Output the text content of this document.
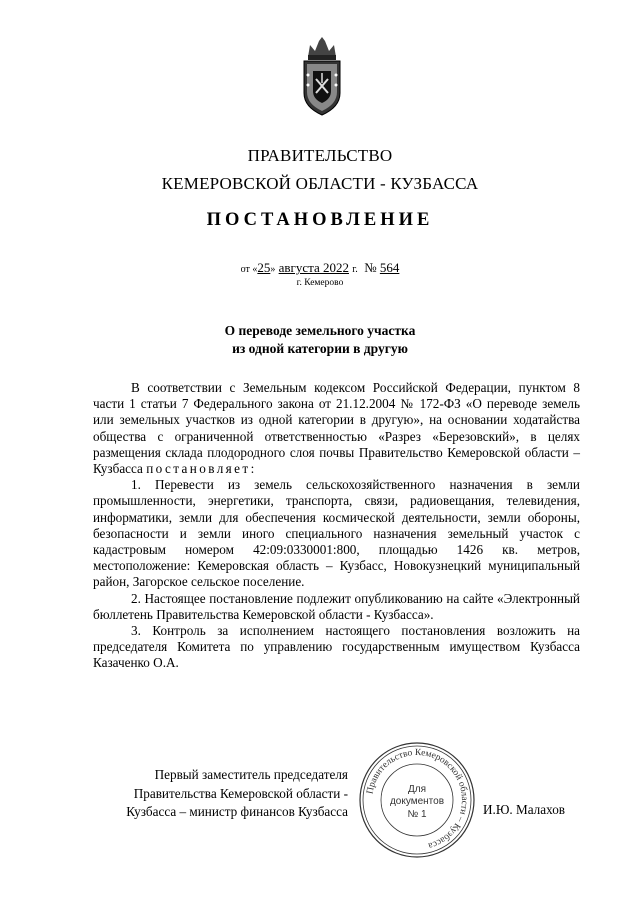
ПРАВИТЕЛЬСТВО
КЕМЕРОВСКОЙ ОБЛАСТИ - КУЗБАССА
ПОСТАНОВЛЕНИЕ
от «25» августа 2022 г. № 564
г. Кемерово
О переводе земельного участка
из одной категории в другую

В соответствии с Земельным кодексом Российской Федерации, пунктом 8 части 1 статьи 7 Федерального закона от 21.12.2004 № 172-ФЗ «О переводе земель или земельных участков из одной категории в другую», на основании ходатайства общества с ограниченной ответственностью «Разрез «Березовский», в целях размещения склада плодородного слоя почвы Правительство Кемеровской области – Кузбасса постановляет:

1. Перевести из земель сельскохозяйственного назначения в земли промышленности, энергетики, транспорта, связи, радиовещания, телевидения, информатики, земли для обеспечения космической деятельности, земли обороны, безопасности и земли иного специального назначения земельный участок с кадастровым номером 42:09:0330001:800, площадью 1426 кв. метров, местоположение: Кемеровская область – Кузбасс, Новокузнецкий муниципальный район, Загорское сельское поселение.

2. Настоящее постановление подлежит опубликованию на сайте «Электронный бюллетень Правительства Кемеровской области - Кузбасса».

3. Контроль за исполнением настоящего постановления возложить на председателя Комитета по управлению государственным имуществом Кузбасса Казаченко О.А.

Первый заместитель председателя
Правительства Кемеровской области -
Кузбасса – министр финансов Кузбасса
Правительство Кемеровской области – Кузбасса
Для
документов
№ 1	И.Ю. Малахов
